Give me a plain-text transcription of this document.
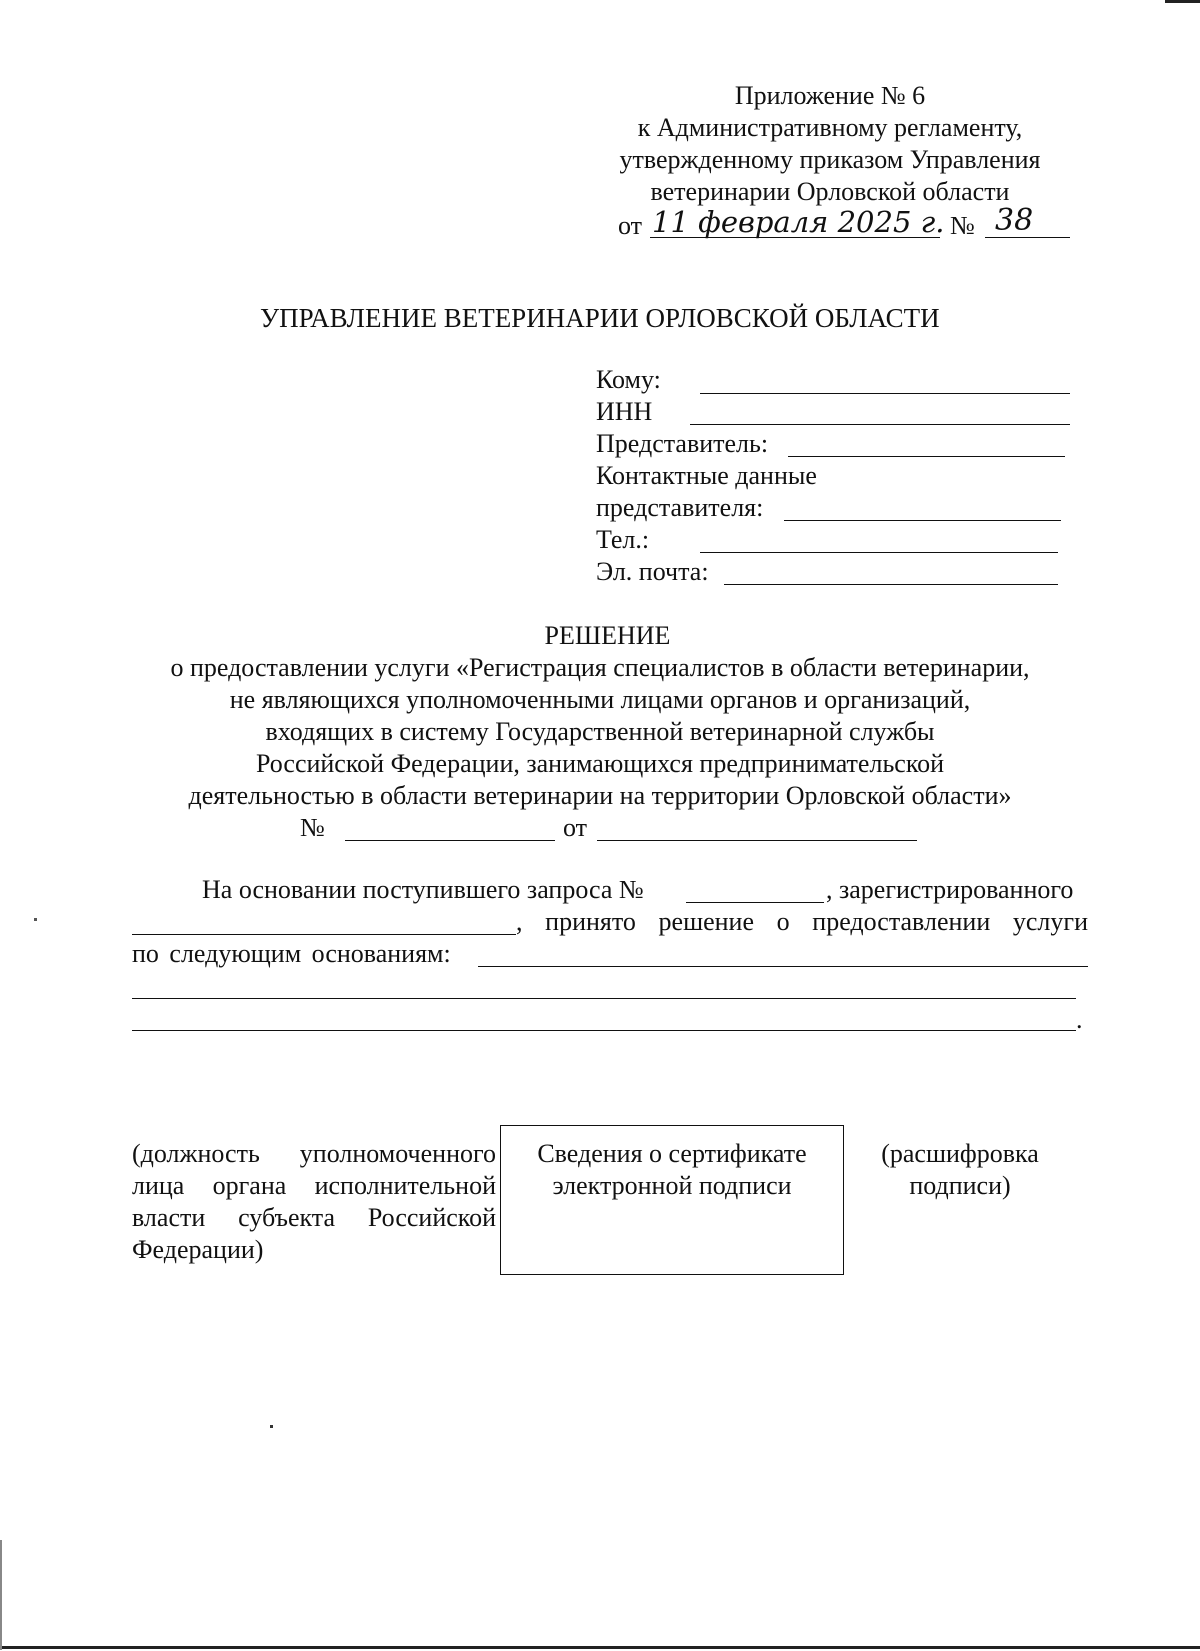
Приложение № 6
к Административному регламенту,
утвержденному приказом Управления
ветеринарии Орловской области
от 11 февраля 2025 г. № 38
УПРАВЛЕНИЕ ВЕТЕРИНАРИИ ОРЛОВСКОЙ ОБЛАСТИ
Кому:
ИНН
Представитель:
Контактные данные
представителя:
Тел.:
Эл. почта:
РЕШЕНИЕ
о предоставлении услуги «Регистрация специалистов в области ветеринарии,
не являющихся уполномоченными лицами органов и организаций,
входящих в систему Государственной ветеринарной службы
Российской Федерации, занимающихся предпринимательской
деятельностью в области ветеринарии на территории Орловской области»
№	от
На основании поступившего запроса №	, зарегистрированного
, принято решение о предоставлении услуги
по следующим основаниям:
.
(должность уполномоченного
лица органа исполнительной
власти субъекта Российской
Федерации)
Сведения о сертификате
электронной подписи
(расшифровка
подписи)
